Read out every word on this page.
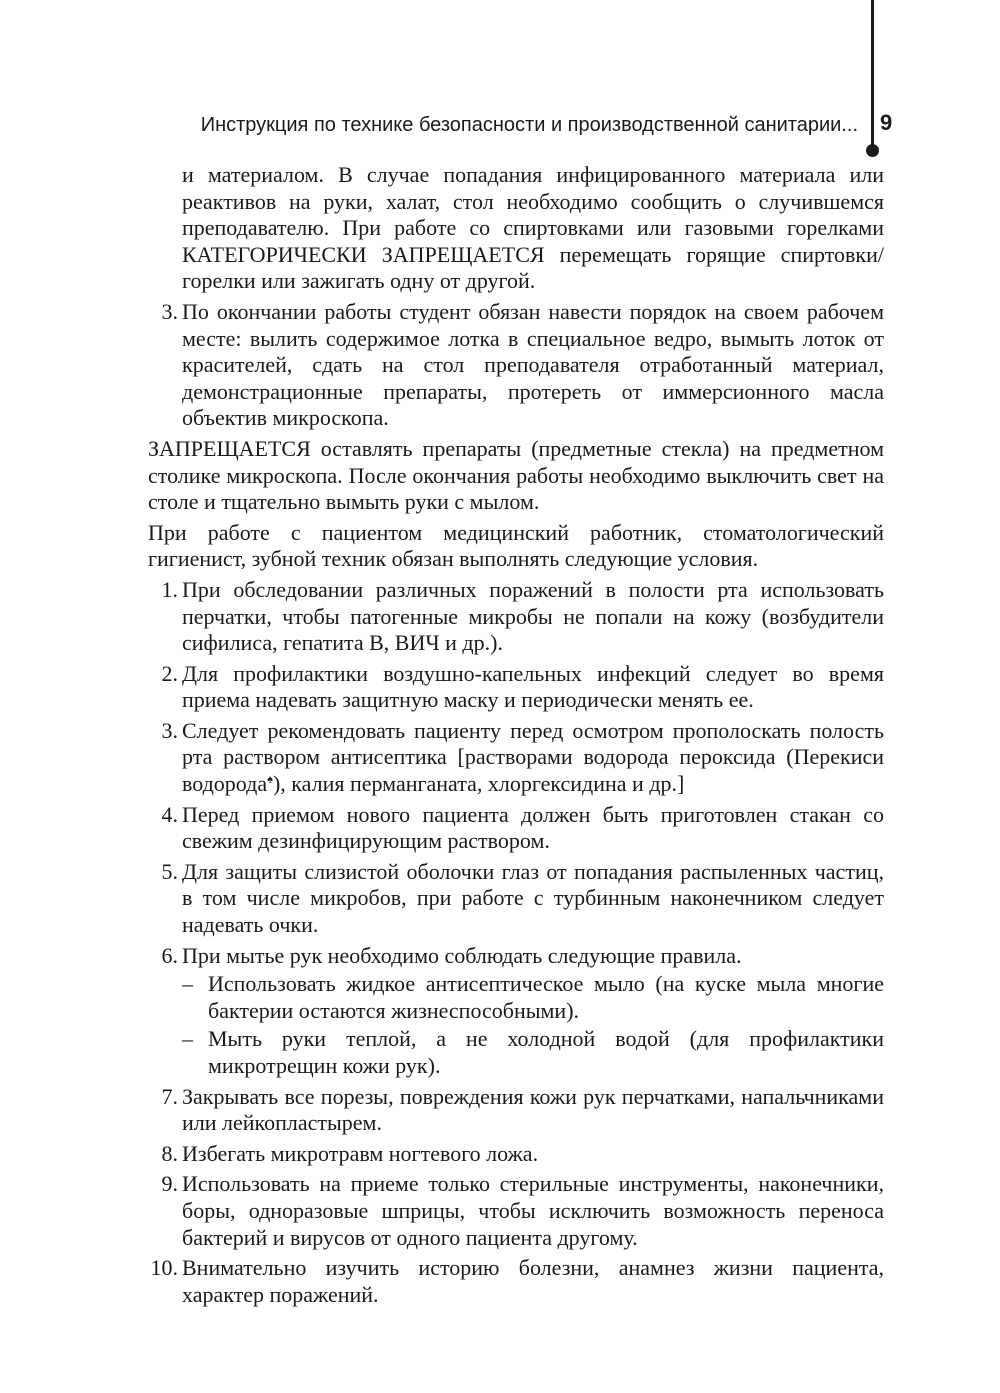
Инструкция по технике безопасности и производственной санитарии... 9

и материалом. В случае попадания инфицированного материала или реактивов на руки, халат, стол необходимо сообщить о случившемся преподавателю. При работе со спиртовками или газовыми горелками КАТЕГОРИЧЕСКИ ЗАПРЕЩАЕТСЯ перемещать горящие спиртовки/горелки или зажигать одну от другой.

3. По окончании работы студент обязан навести порядок на своем рабочем месте: вылить содержимое лотка в специальное ведро, вымыть лоток от красителей, сдать на стол преподавателя отработанный материал, демонстрационные препараты, протереть от иммерсионного масла объектив микроскопа.

ЗАПРЕЩАЕТСЯ оставлять препараты (предметные стекла) на предметном столике микроскопа. После окончания работы необходимо выключить свет на столе и тщательно вымыть руки с мылом.

При работе с пациентом медицинский работник, стоматологический гигиенист, зубной техник обязан выполнять следующие условия.

1. При обследовании различных поражений в полости рта использовать перчатки, чтобы патогенные микробы не попали на кожу (возбудители сифилиса, гепатита В, ВИЧ и др.).
2. Для профилактики воздушно-капельных инфекций следует во время приема надевать защитную маску и периодически менять ее.
3. Следует рекомендовать пациенту перед осмотром прополоскать полость рта раствором антисептика [растворами водорода пероксида (Перекиси водорода♠), калия перманганата, хлоргексидина и др.]
4. Перед приемом нового пациента должен быть приготовлен стакан со свежим дезинфицирующим раствором.
5. Для защиты слизистой оболочки глаз от попадания распыленных частиц, в том числе микробов, при работе с турбинным наконечником следует надевать очки.
6. При мытье рук необходимо соблюдать следующие правила.
– Использовать жидкое антисептическое мыло (на куске мыла многие бактерии остаются жизнеспособными).
– Мыть руки теплой, а не холодной водой (для профилактики микротрещин кожи рук).
7. Закрывать все порезы, повреждения кожи рук перчатками, напальчниками или лейкопластырем.
8. Избегать микротравм ногтевого ложа.
9. Использовать на приеме только стерильные инструменты, наконечники, боры, одноразовые шприцы, чтобы исключить возможность переноса бактерий и вирусов от одного пациента другому.
10. Внимательно изучить историю болезни, анамнез жизни пациента, характер поражений.
